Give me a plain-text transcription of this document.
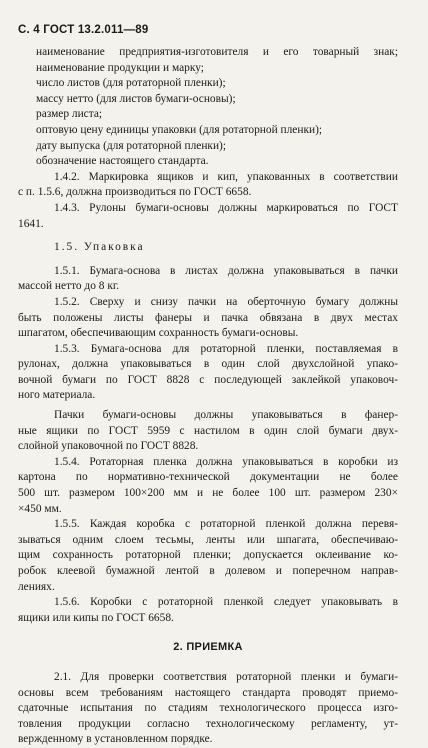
С. 4 ГОСТ 13.2.011—89
наименование предприятия-изготовителя и его товарный знак;
наименование продукции и марку;
число листов (для ротаторной пленки);
массу нетто (для листов бумаги-основы);
размер листа;
оптовую цену единицы упаковки (для ротаторной пленки);
дату выпуска (для ротаторной пленки);
обозначение настоящего стандарта.
1.4.2. Маркировка ящиков и кип, упакованных в соответствии
с п. 1.5.6, должна производиться по ГОСТ 6658.
1.4.3. Рулоны бумаги-основы должны маркироваться по ГОСТ
1641.
1.5. Упаковка
1.5.1. Бумага-основа в листах должна упаковываться в пачки
массой нетто до 8 кг.
1.5.2. Сверху и снизу пачки на оберточную бумагу должны
быть положены листы фанеры и пачка обвязана в двух местах
шпагатом, обеспечивающим сохранность бумаги-основы.
1.5.3. Бумага-основа для ротаторной пленки, поставляемая в
рулонах, должна упаковываться в один слой двухслойной упако-
вочной бумаги по ГОСТ 8828 с последующей заклейкой упаковоч-
ного материала.
Пачки бумаги-основы должны упаковываться в фанер-
ные ящики по ГОСТ 5959 с настилом в один слой бумаги двух-
слойной упаковочной по ГОСТ 8828.
1.5.4. Ротаторная пленка должна упаковываться в коробки из
картона по нормативно-технической документации не более
500 шт. размером 100×200 мм и не более 100 шт. размером 230×
×450 мм.
1.5.5. Каждая коробка с ротаторной пленкой должна перевя-
зываться одним слоем тесьмы, ленты или шпагата, обеспечиваю-
щим сохранность ротаторной пленки; допускается оклеивание ко-
робок клеевой бумажной лентой в долевом и поперечном направ-
лениях.
1.5.6. Коробки с ротаторной пленкой следует упаковывать в
ящики или кипы по ГОСТ 6658.
2. ПРИЕМКА
2.1. Для проверки соответствия ротаторной пленки и бумаги-
основы всем требованиям настоящего стандарта проводят приемо-
сдаточные испытания по стадиям технологического процесса изго-
товления продукции согласно технологическому регламенту, ут-
вержденному в установленном порядке.
